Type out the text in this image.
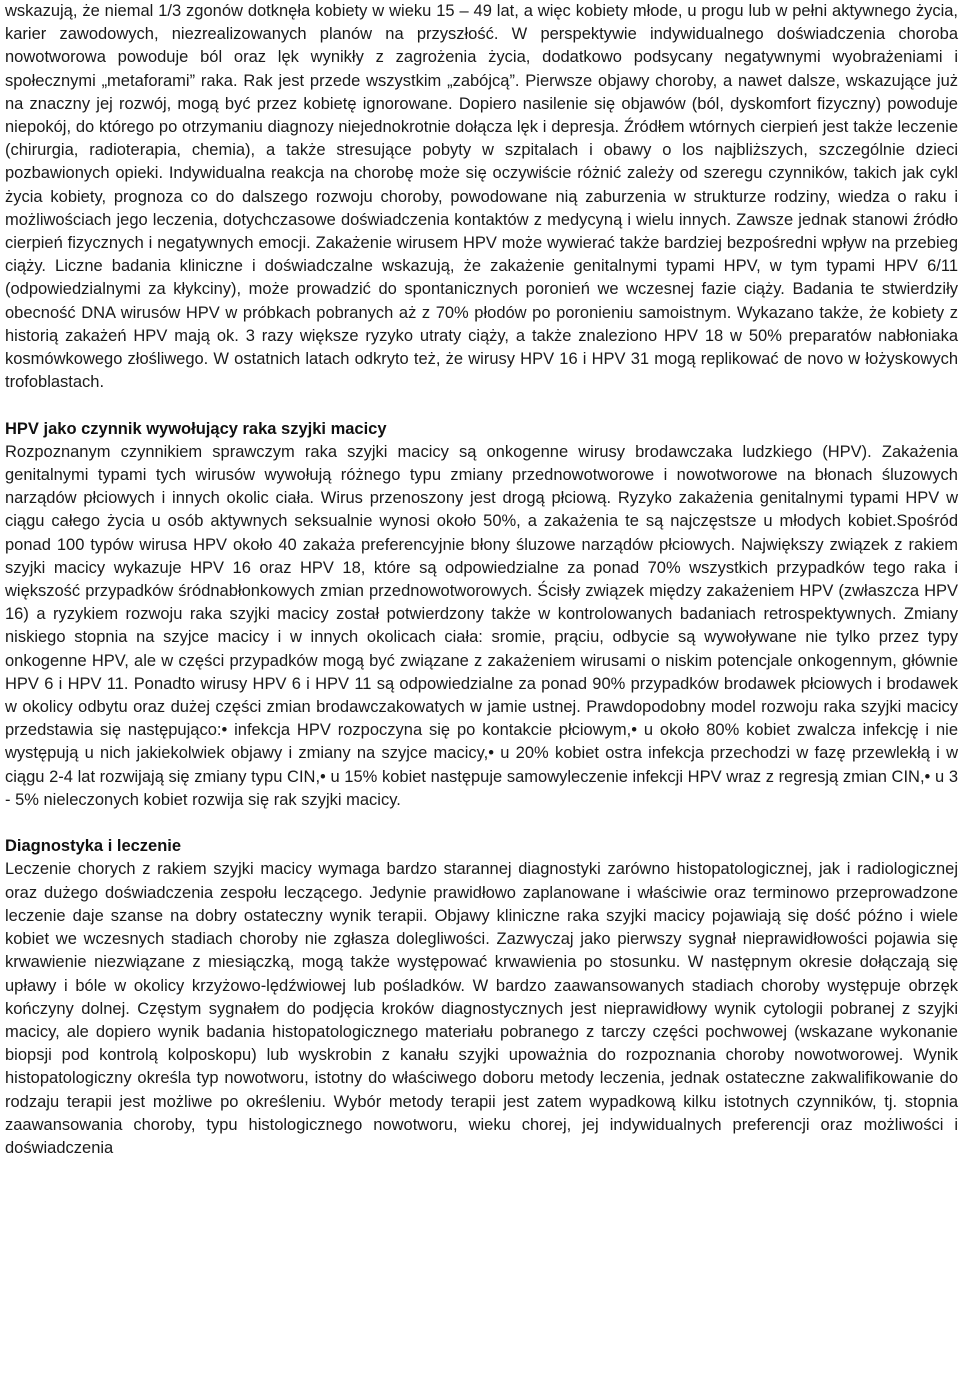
wskazują, że niemal 1/3 zgonów dotknęła kobiety w wieku 15 – 49 lat, a więc kobiety młode, u progu lub w pełni aktywnego życia, karier zawodowych, niezrealizowanych planów na przyszłość. W perspektywie indywidualnego doświadczenia choroba nowotworowa powoduje ból oraz lęk wynikły z zagrożenia życia, dodatkowo podsycany negatywnymi wyobrażeniami i społecznymi „metaforami” raka. Rak jest przede wszystkim „zabójcą”. Pierwsze objawy choroby, a nawet dalsze, wskazujące już na znaczny jej rozwój, mogą być przez kobietę ignorowane. Dopiero nasilenie się objawów (ból, dyskomfort fizyczny) powoduje niepokój, do którego po otrzymaniu diagnozy niejednokrotnie dołącza lęk i depresja. Źródłem wtórnych cierpień jest także leczenie (chirurgia, radioterapia, chemia), a także stresujące pobyty w szpitalach i obawy o los najbliższych, szczególnie dzieci pozbawionych opieki. Indywidualna reakcja na chorobę może się oczywiście różnić zależy od szeregu czynników, takich jak cykl życia kobiety, prognoza co do dalszego rozwoju choroby, powodowane nią zaburzenia w strukturze rodziny, wiedza o raku i możliwościach jego leczenia, dotychczasowe doświadczenia kontaktów z medycyną i wielu innych. Zawsze jednak stanowi źródło cierpień fizycznych i negatywnych emocji. Zakażenie wirusem HPV może wywierać także bardziej bezpośredni wpływ na przebieg ciąży. Liczne badania kliniczne i doświadczalne wskazują, że zakażenie genitalnymi typami HPV, w tym typami HPV 6/11 (odpowiedzialnymi za kłykciny), może prowadzić do spontanicznych poronień we wczesnej fazie ciąży. Badania te stwierdziły obecność DNA wirusów HPV w próbkach pobranych aż z 70% płodów po poronieniu samoistnym. Wykazano także, że kobiety z historią zakażeń HPV mają ok. 3 razy większe ryzyko utraty ciąży, a także znaleziono HPV 18 w 50% preparatów nabłoniaka kosmówkowego złośliwego. W ostatnich latach odkryto też, że wirusy HPV 16 i HPV 31 mogą replikować de novo w łożyskowych trofoblastach.

HPV jako czynnik wywołujący raka szyjki macicy

Rozpoznanym czynnikiem sprawczym raka szyjki macicy są onkogenne wirusy brodawczaka ludzkiego (HPV). Zakażenia genitalnymi typami tych wirusów wywołują różnego typu zmiany przednowotworowe i nowotworowe na błonach śluzowych narządów płciowych i innych okolic ciała. Wirus przenoszony jest drogą płciową. Ryzyko zakażenia genitalnymi typami HPV w ciągu całego życia u osób aktywnych seksualnie wynosi około 50%, a zakażenia te są najczęstsze u młodych kobiet.Spośród ponad 100 typów wirusa HPV około 40 zakaża preferencyjnie błony śluzowe narządów płciowych. Największy związek z rakiem szyjki macicy wykazuje HPV 16 oraz HPV 18, które są odpowiedzialne za ponad 70% wszystkich przypadków tego raka i większość przypadków śródnabłonkowych zmian przednowotworowych. Ścisły związek między zakażeniem HPV (zwłaszcza HPV 16) a ryzykiem rozwoju raka szyjki macicy został potwierdzony także w kontrolowanych badaniach retrospektywnych. Zmiany niskiego stopnia na szyjce macicy i w innych okolicach ciała: sromie, prąciu, odbycie są wywoływane nie tylko przez typy onkogenne HPV, ale w części przypadków mogą być związane z zakażeniem wirusami o niskim potencjale onkogennym, głównie HPV 6 i HPV 11. Ponadto wirusy HPV 6 i HPV 11 są odpowiedzialne za ponad 90% przypadków brodawek płciowych i brodawek w okolicy odbytu oraz dużej części zmian brodawczakowatych w jamie ustnej. Prawdopodobny model rozwoju raka szyjki macicy przedstawia się następująco:• infekcja HPV rozpoczyna się po kontakcie płciowym,• u około 80% kobiet zwalcza infekcję i nie występują u nich jakiekolwiek objawy i zmiany na szyjce macicy,• u 20% kobiet ostra infekcja przechodzi w fazę przewlekłą i w ciągu 2-4 lat rozwijają się zmiany typu CIN,• u 15% kobiet następuje samowyleczenie infekcji HPV wraz z regresją zmian CIN,• u 3 - 5% nieleczonych kobiet rozwija się rak szyjki macicy.

Diagnostyka i leczenie

Leczenie chorych z rakiem szyjki macicy wymaga bardzo starannej diagnostyki zarówno histopatologicznej, jak i radiologicznej oraz dużego doświadczenia zespołu leczącego. Jedynie prawidłowo zaplanowane i właściwie oraz terminowo przeprowadzone leczenie daje szanse na dobry ostateczny wynik terapii. Objawy kliniczne raka szyjki macicy pojawiają się dość późno i wiele kobiet we wczesnych stadiach choroby nie zgłasza dolegliwości. Zazwyczaj jako pierwszy sygnał nieprawidłowości pojawia się krwawienie niezwiązane z miesiączką, mogą także występować krwawienia po stosunku. W następnym okresie dołączają się upławy i bóle w okolicy krzyżowo-lędźwiowej lub pośladków. W bardzo zaawansowanych stadiach choroby występuje obrzęk kończyny dolnej. Częstym sygnałem do podjęcia kroków diagnostycznych jest nieprawidłowy wynik cytologii pobranej z szyjki macicy, ale dopiero wynik badania histopatologicznego materiału pobranego z tarczy części pochwowej (wskazane wykonanie biopsji pod kontrolą kolposkopu) lub wyskrobin z kanału szyjki upoważnia do rozpoznania choroby nowotworowej. Wynik histopatologiczny określa typ nowotworu, istotny do właściwego doboru metody leczenia, jednak ostateczne zakwalifikowanie do rodzaju terapii jest możliwe po określeniu. Wybór metody terapii jest zatem wypadkową kilku istotnych czynników, tj. stopnia zaawansowania choroby, typu histologicznego nowotworu, wieku chorej, jej indywidualnych preferencji oraz możliwości i doświadczenia
